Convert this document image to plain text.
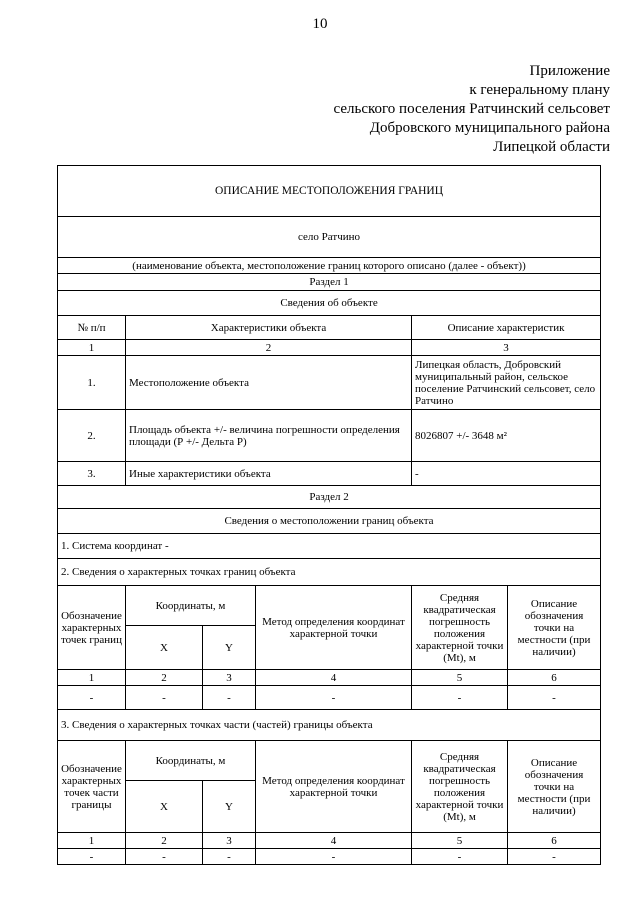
10
Приложение
к генеральному плану
сельского поселения Ратчинский сельсовет
Добровского муниципального района
Липецкой области
ОПИСАНИЕ МЕСТОПОЛОЖЕНИЯ ГРАНИЦ					

село Ратчино					
(наименование объекта, местоположение границ которого описано (далее - объект))					
Раздел 1					
Сведения об объекте					
№ п/п	Характеристики объекта			Описание характеристик	
1	2			3	
1.	Местоположение объекта			Липецкая область, Добровский муниципальный район, сельское поселение Ратчинский сельсовет, село Ратчино	
2.	Площадь объекта +/- величина погрешности определения площади (Р +/- Дельта Р)			8026807 +/- 3648 м²	
3.	Иные характеристики объекта			-	
Раздел 2					
Сведения о местоположении границ объекта					
1. Система координат -					
2. Сведения о характерных точках границ объекта					
Обозначение характерных точек границ	Координаты, м		Метод определения координат характерной точки	Средняя квадратическая погрешность положения характерной точки (Mt), м	Описание обозначения точки на местности (при наличии)
	X	Y			
1	2	3	4	5	6
-	-	-	-	-	-
3. Сведения о характерных точках части (частей) границы объекта					
Обозначение характерных точек части границы	Координаты, м		Метод определения координат характерной точки	Средняя квадратическая погрешность положения характерной точки (Mt), м	Описание обозначения точки на местности (при наличии)
	X	Y			
1	2	3	4	5	6
-	-	-	-	-	-
